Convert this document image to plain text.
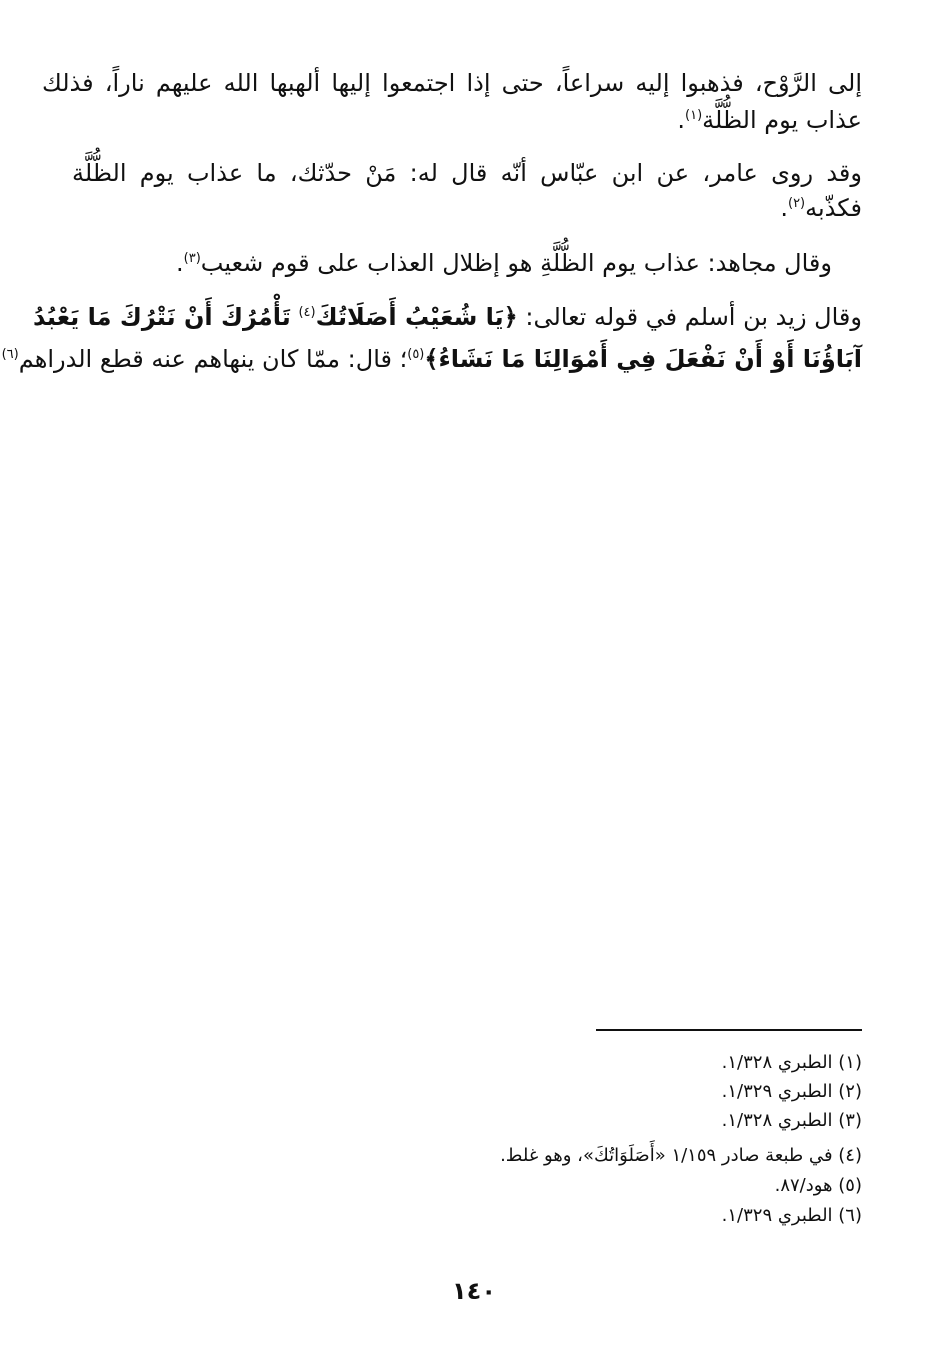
إلى الرَّوْح، فذهبوا إليه سراعاً، حتى إذا اجتمعوا إليها ألهبها الله عليهم ناراً، فذلك
عذاب يوم الظُّلَّة$^{(١)}$.
وقد روى عامر، عن ابن عبّاس أنّه قال له: مَنْ حدّثك، ما عذاب يوم الظُّلَّة
فكذّبه$^{(٢)}$.
وقال مجاهد: عذاب يوم الظُّلَّةِ هو إظلال العذاب على قوم شعيب$^{(٣)}$.
وقال زيد بن أسلم في قوله تعالى: ﴿يَا شُعَيْبُ أَصَلَاتُكَ$^{(٤)}$ تَأْمُرُكَ أَنْ نَتْرُكَ مَا يَعْبُدُ
آبَاؤُنَا أَوْ أَنْ نَفْعَلَ فِي أَمْوَالِنَا مَا نَشَاءُ﴾$^{(٥)}$؛ قال: ممّا كان ينهاهم عنه قطع الدراهم$^{(٦)}$
(١) الطبري ١/٣٢٨.
(٢) الطبري ١/٣٢٩.
(٣) الطبري ١/٣٢٨.
(٤) في طبعة صادر ١/١٥٩ «أَصَلَوَاتُكَ»، وهو غلط.
(٥) هود/٨٧.
(٦) الطبري ١/٣٢٩.
١٤٠
